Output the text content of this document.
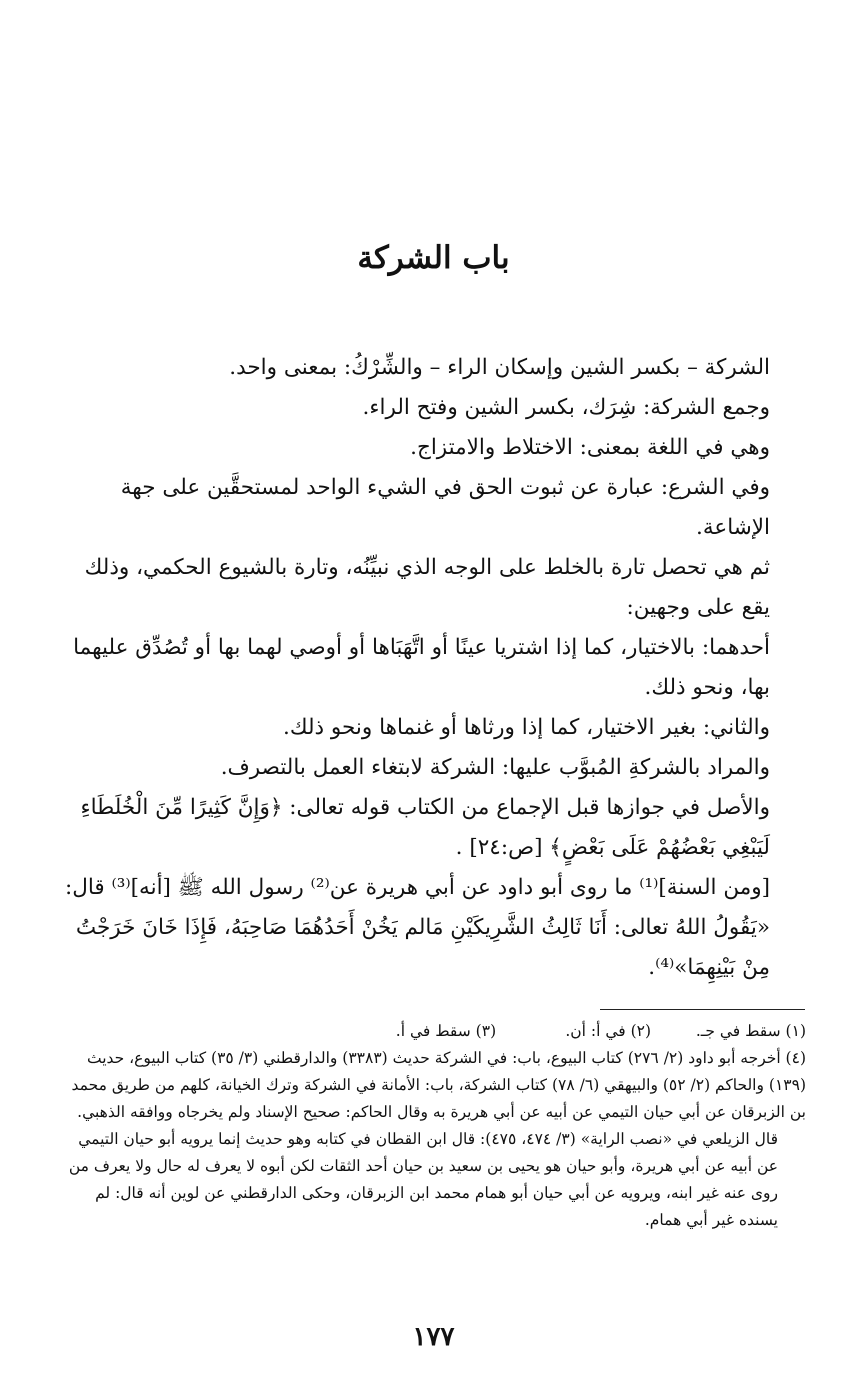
باب الشركة

الشركة – بكسر الشين وإسكان الراء – والشِّرْكُ: بمعنى واحد.

وجمع الشركة: شِرَك، بكسر الشين وفتح الراء.

وهي في اللغة بمعنى: الاختلاط والامتزاج.

وفي الشرع: عبارة عن ثبوت الحق في الشيء الواحد لمستحقَّين على جهة الإشاعة.

ثم هي تحصل تارة بالخلط على الوجه الذي نبيِّنُه، وتارة بالشيوع الحكمي، وذلك يقع على وجهين:

أحدهما: بالاختيار، كما إذا اشتريا عينًا أو اتَّهَبَاها أو أوصي لهما بها أو تُصُدِّق عليهما بها، ونحو ذلك.

والثاني: بغير الاختيار، كما إذا ورثاها أو غنماها ونحو ذلك.

والمراد بالشركةِ المُبوَّب عليها: الشركة لابتغاء العمل بالتصرف.

والأصل في جوازها قبل الإجماع من الكتاب قوله تعالى: ﴿وَإِنَّ كَثِيرًا مِّنَ الْخُلَطَاءِ لَيَبْغِي بَعْضُهُمْ عَلَى بَعْضٍ﴾ [ص:٢٤] .

[ومن السنة]⁽¹⁾ ما روى أبو داود عن أبي هريرة عن⁽²⁾ رسول الله ﷺ [أنه]⁽³⁾ قال: «يَقُولُ اللهُ تعالى: أَنَا ثَالِثُ الشَّرِيكَيْنِ مَالم يَخُنْ أَحَدُهُمَا صَاحِبَهُ، فَإِذَا خَانَ خَرَجْتُ مِنْ بَيْنِهِمَا»⁽⁴⁾.

(١) سقط في جـ. (٢) في أ: أن. (٣) سقط في أ.

(٤) أخرجه أبو داود (٢/ ٢٧٦) كتاب البيوع، باب: في الشركة حديث (٣٣٨٣) والدارقطني (٣/ ٣٥) كتاب البيوع، حديث (١٣٩) والحاكم (٢/ ٥٢) والبيهقي (٦/ ٧٨) كتاب الشركة، باب: الأمانة في الشركة وترك الخيانة، كلهم من طريق محمد بن الزبرقان عن أبي حيان التيمي عن أبيه عن أبي هريرة به وقال الحاكم: صحيح الإسناد ولم يخرجاه ووافقه الذهبي.

قال الزيلعي في «نصب الراية» (٣/ ٤٧٤، ٤٧٥): قال ابن القطان في كتابه وهو حديث إنما يرويه أبو حيان التيمي عن أبيه عن أبي هريرة، وأبو حيان هو يحيى بن سعيد بن حيان أحد الثقات لكن أبوه لا يعرف له حال ولا يعرف من روى عنه غير ابنه، ويرويه عن أبي حيان أبو همام محمد ابن الزبرقان، وحكى الدارقطني عن لوين أنه قال: لم يسنده غير أبي همام.

١٧٧
